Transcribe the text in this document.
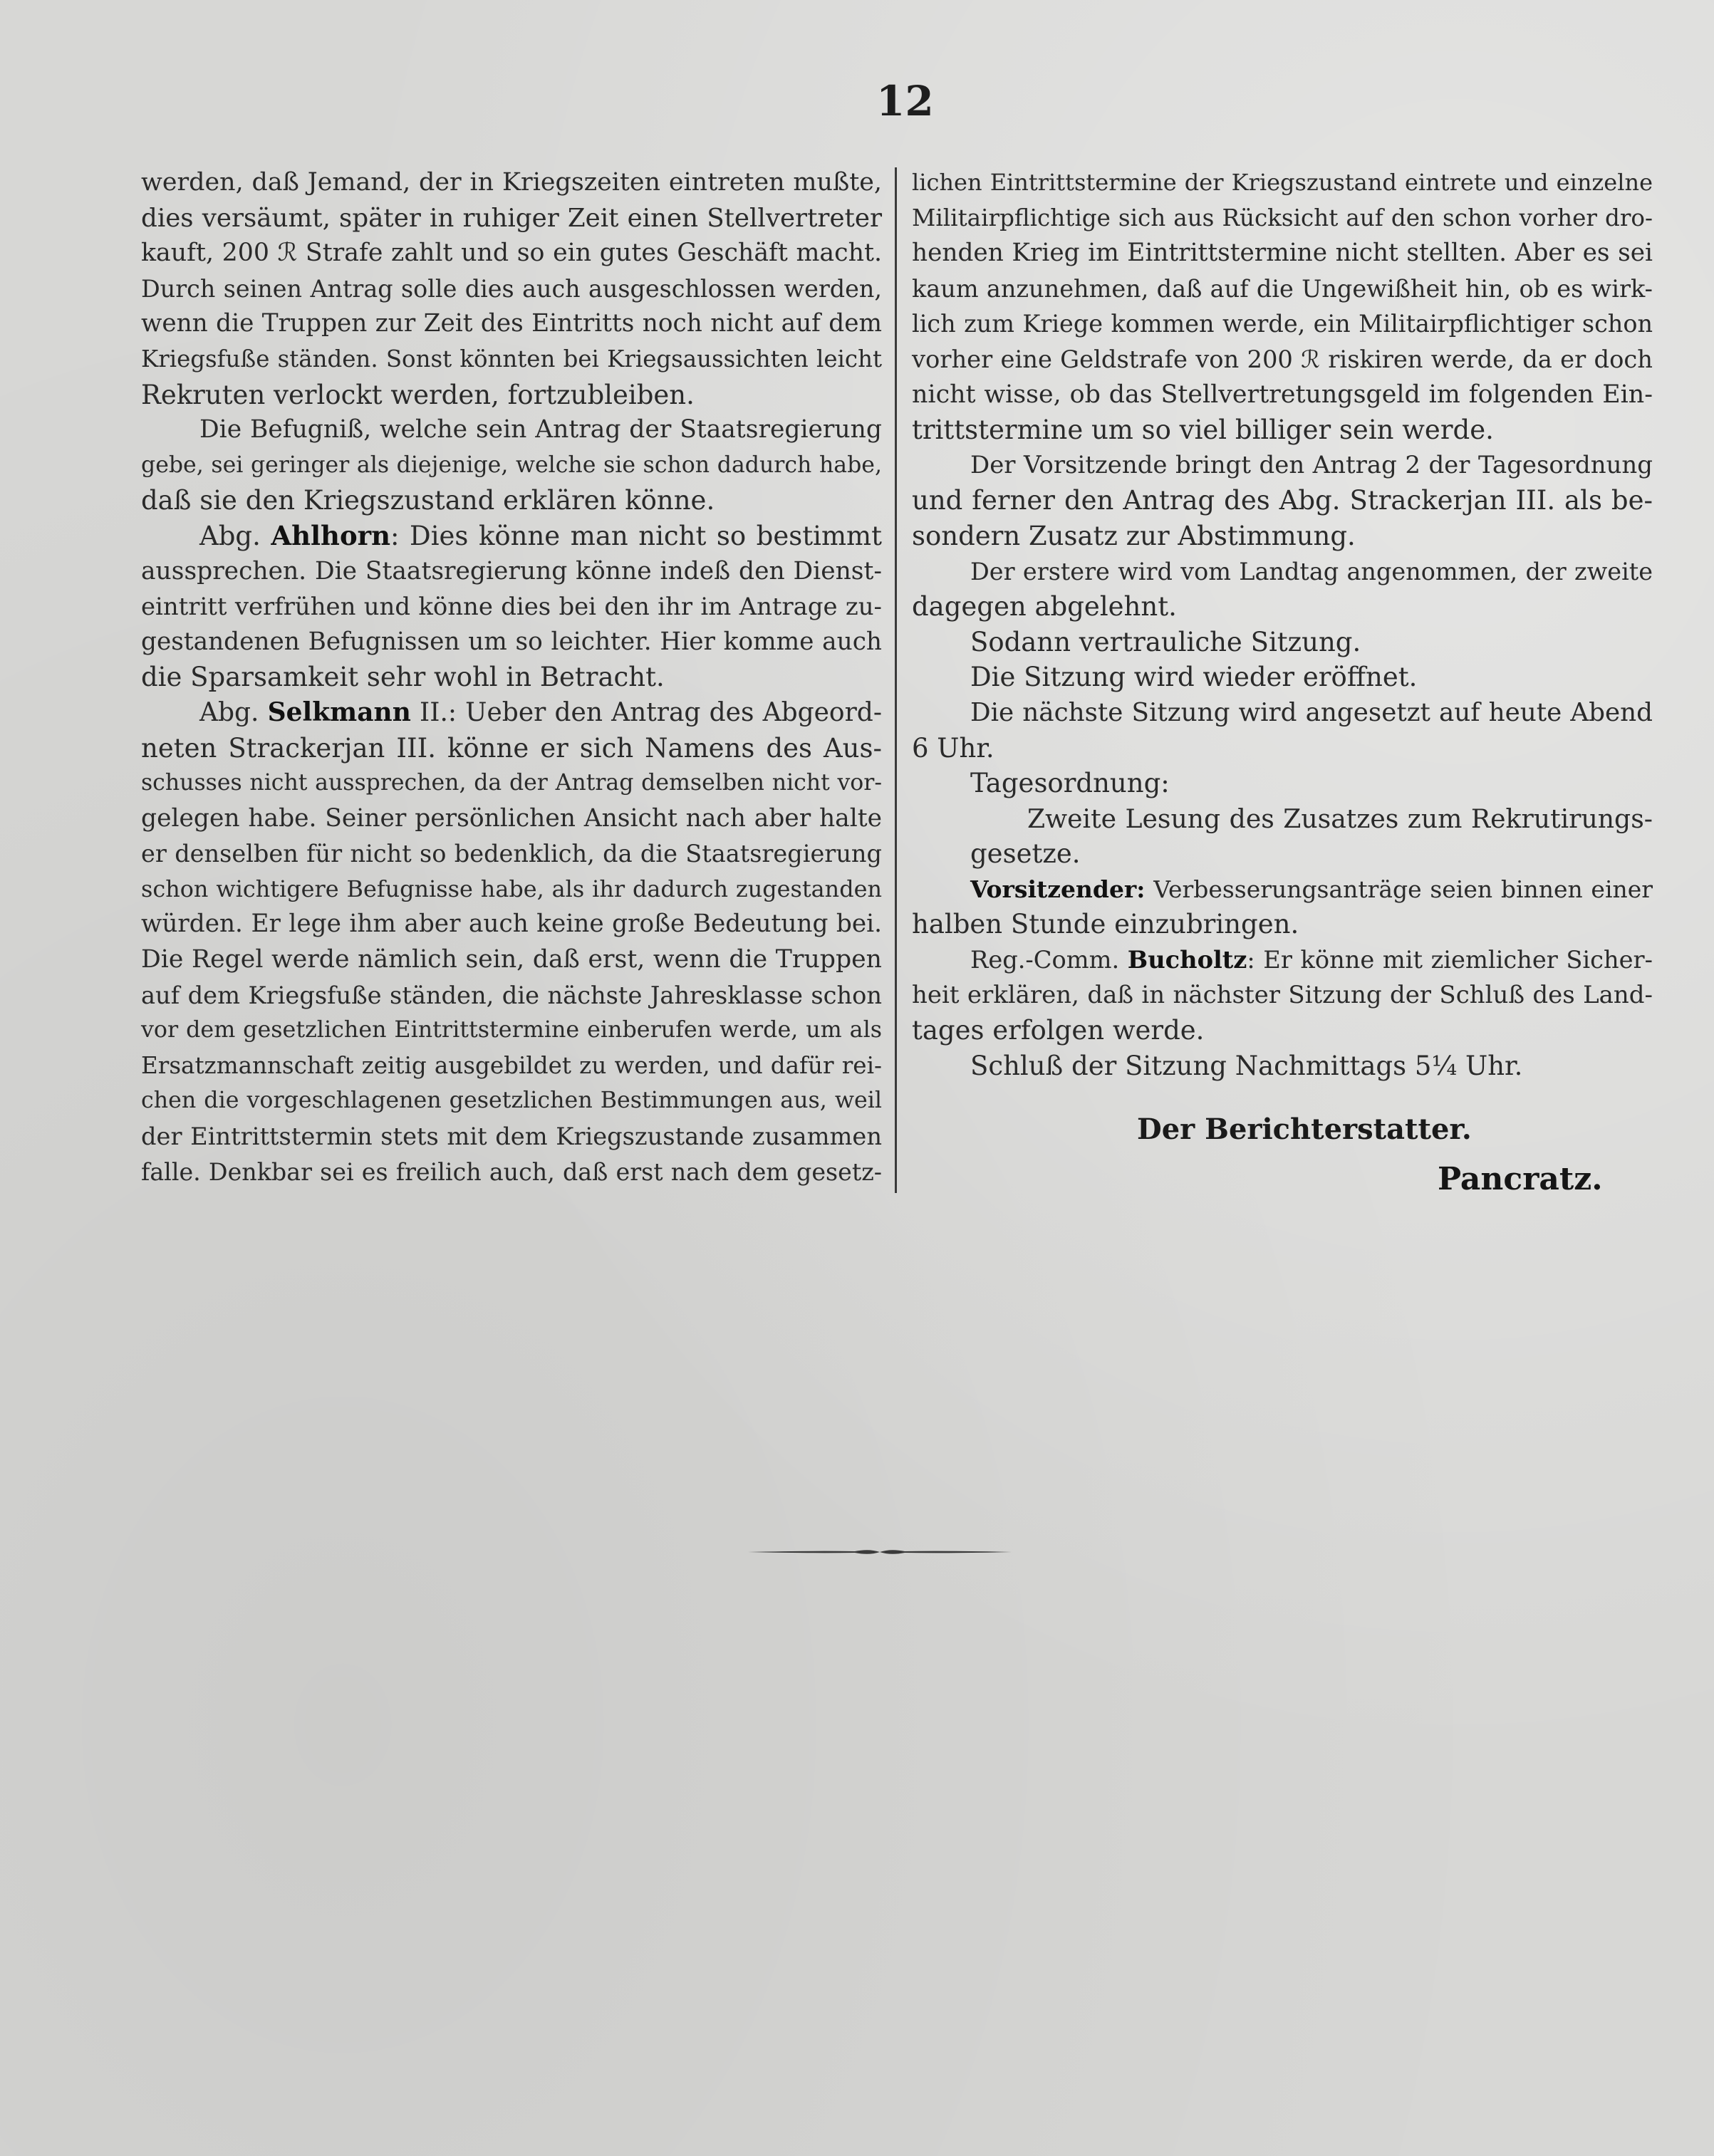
12
werden, daß Jemand, der in Kriegszeiten eintreten mußte,
dies versäumt, später in ruhiger Zeit einen Stellvertreter
kauft, 200 ℛ︀ Strafe zahlt und so ein gutes Geschäft macht.
Durch seinen Antrag solle dies auch ausgeschlossen werden,
wenn die Truppen zur Zeit des Eintritts noch nicht auf dem
Kriegsfuße ständen. Sonst könnten bei Kriegsaussichten leicht
Rekruten verlockt werden, fortzubleiben.
Die Befugniß, welche sein Antrag der Staatsregierung
gebe, sei geringer als diejenige, welche sie schon dadurch habe,
daß sie den Kriegszustand erklären könne.
Abg. Ahlhorn: Dies könne man nicht so bestimmt
aussprechen. Die Staatsregierung könne indeß den Dienst-
eintritt verfrühen und könne dies bei den ihr im Antrage zu-
gestandenen Befugnissen um so leichter. Hier komme auch
die Sparsamkeit sehr wohl in Betracht.
Abg. Selkmann II.: Ueber den Antrag des Abgeord-
neten Strackerjan III. könne er sich Namens des Aus-
schusses nicht aussprechen, da der Antrag demselben nicht vor-
gelegen habe. Seiner persönlichen Ansicht nach aber halte
er denselben für nicht so bedenklich, da die Staatsregierung
schon wichtigere Befugnisse habe, als ihr dadurch zugestanden
würden. Er lege ihm aber auch keine große Bedeutung bei.
Die Regel werde nämlich sein, daß erst, wenn die Truppen
auf dem Kriegsfuße ständen, die nächste Jahresklasse schon
vor dem gesetzlichen Eintrittstermine einberufen werde, um als
Ersatzmannschaft zeitig ausgebildet zu werden, und dafür rei-
chen die vorgeschlagenen gesetzlichen Bestimmungen aus, weil
der Eintrittstermin stets mit dem Kriegszustande zusammen
falle. Denkbar sei es freilich auch, daß erst nach dem gesetz-
lichen Eintrittstermine der Kriegszustand eintrete und einzelne
Militairpflichtige sich aus Rücksicht auf den schon vorher dro-
henden Krieg im Eintrittstermine nicht stellten. Aber es sei
kaum anzunehmen, daß auf die Ungewißheit hin, ob es wirk-
lich zum Kriege kommen werde, ein Militairpflichtiger schon
vorher eine Geldstrafe von 200 ℛ︀ riskiren werde, da er doch
nicht wisse, ob das Stellvertretungsgeld im folgenden Ein-
trittstermine um so viel billiger sein werde.
Der Vorsitzende bringt den Antrag 2 der Tagesordnung
und ferner den Antrag des Abg. Strackerjan III. als be-
sondern Zusatz zur Abstimmung.
Der erstere wird vom Landtag angenommen, der zweite
dagegen abgelehnt.
Sodann vertrauliche Sitzung.
Die Sitzung wird wieder eröffnet.
Die nächste Sitzung wird angesetzt auf heute Abend
6 Uhr.
Tagesordnung:
Zweite Lesung des Zusatzes zum Rekrutirungs-
gesetze.
Vorsitzender: Verbesserungsanträge seien binnen einer
halben Stunde einzubringen.
Reg.-Comm. Bucholtz: Er könne mit ziemlicher Sicher-
heit erklären, daß in nächster Sitzung der Schluß des Land-
tages erfolgen werde.
Schluß der Sitzung Nachmittags 5¼ Uhr.
Der Berichterstatter.
Pancratz.
